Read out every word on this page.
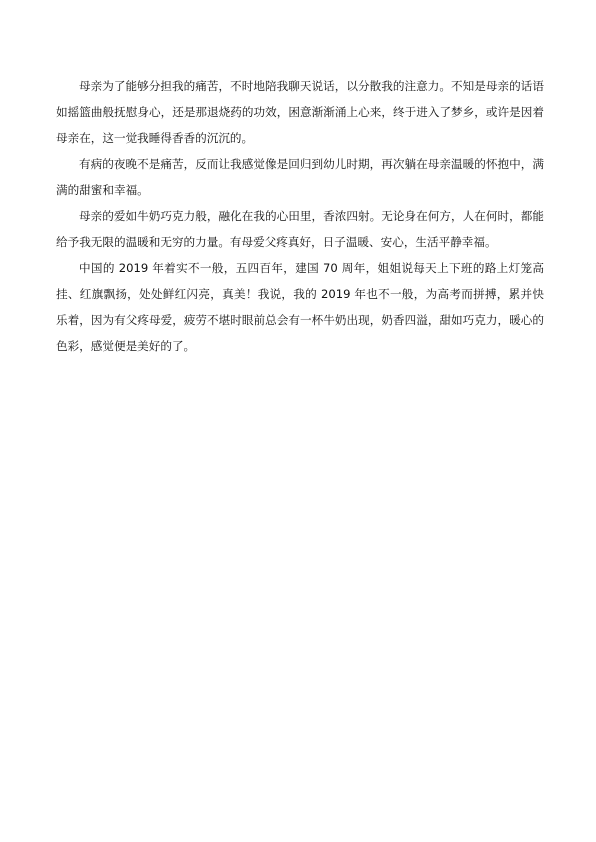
母亲为了能够分担我的痛苦，不时地陪我聊天说话，以分散我的注意力。不知是母亲的话语如摇篮曲般抚慰身心，还是那退烧药的功效，困意渐渐涌上心来，终于进入了梦乡，或许是因着母亲在，这一觉我睡得香香的沉沉的。

有病的夜晚不是痛苦，反而让我感觉像是回归到幼儿时期，再次躺在母亲温暖的怀抱中，满满的甜蜜和幸福。

母亲的爱如牛奶巧克力般，融化在我的心田里，香浓四射。无论身在何方，人在何时，都能给予我无限的温暖和无穷的力量。有母爱父疼真好，日子温暖、安心，生活平静幸福。

中国的 2019 年着实不一般，五四百年，建国 70 周年，姐姐说每天上下班的路上灯笼高挂、红旗飘扬，处处鲜红闪亮，真美！我说，我的 2019 年也不一般，为高考而拼搏，累并快乐着，因为有父疼母爱，疲劳不堪时眼前总会有一杯牛奶出现，奶香四溢，甜如巧克力，暖心的色彩，感觉便是美好的了。
